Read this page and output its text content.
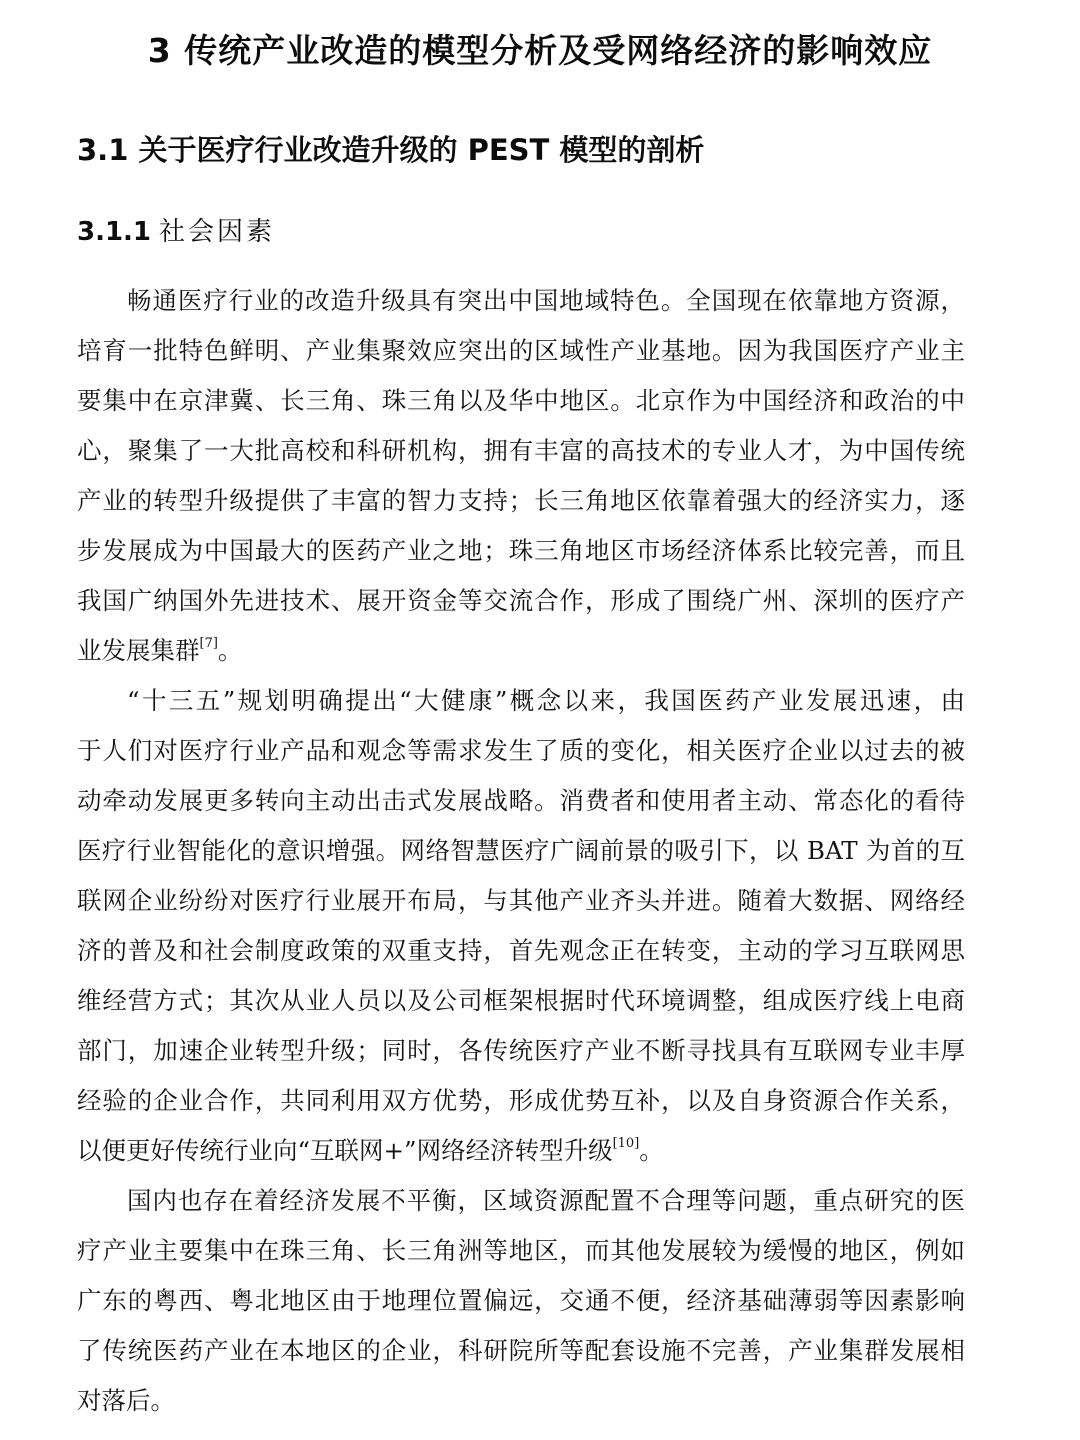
3 传统产业改造的模型分析及受网络经济的影响效应
3.1 关于医疗行业改造升级的 PEST 模型的剖析
3.1.1 社会因素

畅通医疗行业的改造升级具有突出中国地域特色。全国现在依靠地方资源，
培育一批特色鲜明、产业集聚效应突出的区域性产业基地。因为我国医疗产业主
要集中在京津冀、长三角、珠三角以及华中地区。北京作为中国经济和政治的中
心，聚集了一大批高校和科研机构，拥有丰富的高技术的专业人才，为中国传统
产业的转型升级提供了丰富的智力支持；长三角地区依靠着强大的经济实力，逐
步发展成为中国最大的医药产业之地；珠三角地区市场经济体系比较完善，而且
我国广纳国外先进技术、展开资金等交流合作，形成了围绕广州、深圳的医疗产
业发展集群[7]。

“十三五”规划明确提出“大健康”概念以来，我国医药产业发展迅速，由
于人们对医疗行业产品和观念等需求发生了质的变化，相关医疗企业以过去的被
动牵动发展更多转向主动出击式发展战略。消费者和使用者主动、常态化的看待
医疗行业智能化的意识增强。网络智慧医疗广阔前景的吸引下，以 BAT 为首的互
联网企业纷纷对医疗行业展开布局，与其他产业齐头并进。随着大数据、网络经
济的普及和社会制度政策的双重支持，首先观念正在转变，主动的学习互联网思
维经营方式；其次从业人员以及公司框架根据时代环境调整，组成医疗线上电商
部门，加速企业转型升级；同时，各传统医疗产业不断寻找具有互联网专业丰厚
经验的企业合作，共同利用双方优势，形成优势互补，以及自身资源合作关系，
以便更好传统行业向“互联网+”网络经济转型升级[10]。

国内也存在着经济发展不平衡，区域资源配置不合理等问题，重点研究的医
疗产业主要集中在珠三角、长三角洲等地区，而其他发展较为缓慢的地区，例如
广东的粤西、粤北地区由于地理位置偏远，交通不便，经济基础薄弱等因素影响
了传统医药产业在本地区的企业，科研院所等配套设施不完善，产业集群发展相
对落后。
